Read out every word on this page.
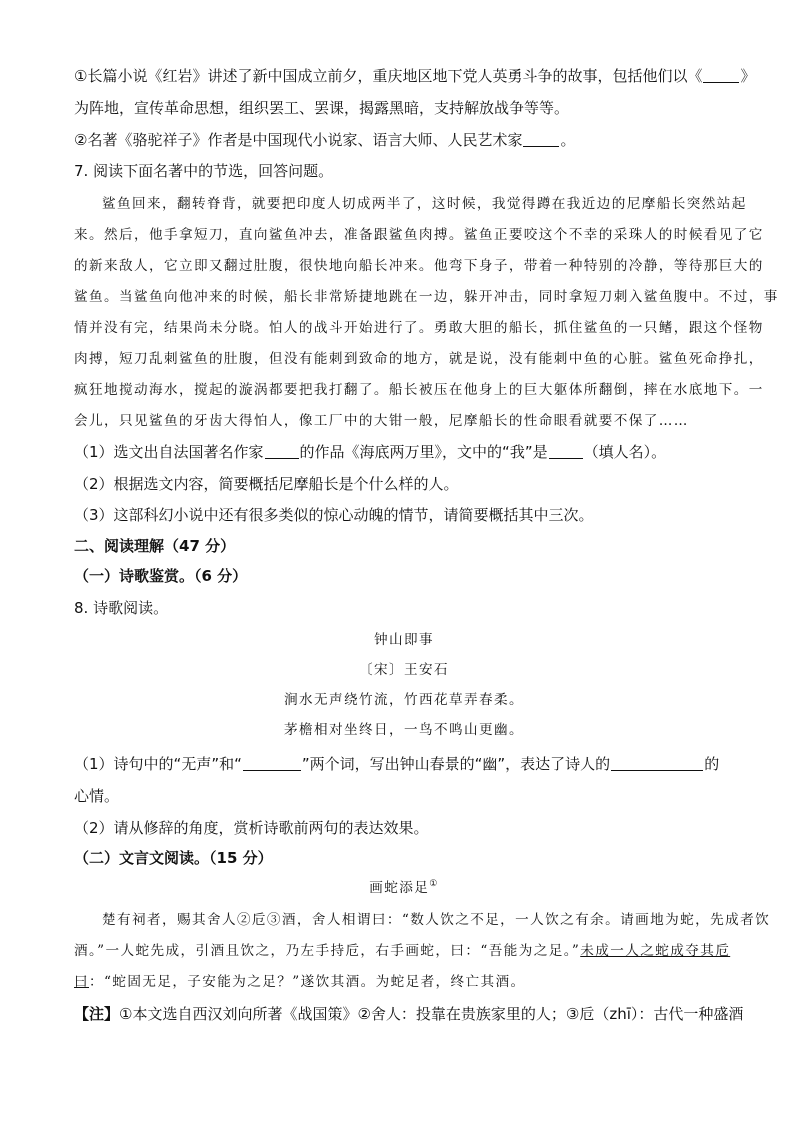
①长篇小说《红岩》讲述了新中国成立前夕，重庆地区地下党人英勇斗争的故事，包括他们以《	》
为阵地，宣传革命思想，组织罢工、罢课，揭露黑暗，支持解放战争等等。
②名著《骆驼祥子》作者是中国现代小说家、语言大师、人民艺术家	。
7. 阅读下面名著中的节选，回答问题。
鲨鱼回来，翻转脊背，就要把印度人切成两半了，这时候，我觉得蹲在我近边的尼摩船长突然站起
来。然后，他手拿短刀，直向鲨鱼冲去，准备跟鲨鱼肉搏。鲨鱼正要咬这个不幸的采珠人的时候看见了它
的新来敌人，它立即又翻过肚腹，很快地向船长冲来。他弯下身子，带着一种特别的冷静，等待那巨大的
鲨鱼。当鲨鱼向他冲来的时候，船长非常矫捷地跳在一边，躲开冲击，同时拿短刀刺入鲨鱼腹中。不过，事
情并没有完，结果尚未分晓。怕人的战斗开始进行了。勇敢大胆的船长，抓住鲨鱼的一只鳍，跟这个怪物
肉搏，短刀乱刺鲨鱼的肚腹，但没有能刺到致命的地方，就是说，没有能刺中鱼的心脏。鲨鱼死命挣扎，
疯狂地搅动海水，搅起的漩涡都要把我打翻了。船长被压在他身上的巨大躯体所翻倒，摔在水底地下。一
会儿，只见鲨鱼的牙齿大得怕人，像工厂中的大钳一般，尼摩船长的性命眼看就要不保了……
（1）选文出自法国著名作家 的作品《海底两万里》，文中的“我”是 （填人名）。
（2）根据选文内容，简要概括尼摩船长是个什么样的人。
（3）这部科幻小说中还有很多类似的惊心动魄的情节，请简要概括其中三次。
二、阅读理解（47 分）
（一）诗歌鉴赏。（6 分）
8. 诗歌阅读。
钟山即事
〔宋〕王安石
涧水无声绕竹流，竹西花草弄春柔。
茅檐相对坐终日，一鸟不鸣山更幽。
（1）诗句中的“无声”和“	”两个词，写出钟山春景的“幽”，表达了诗人的	的
心情。
（2）请从修辞的角度，赏析诗歌前两句的表达效果。
（二）文言文阅读。（15 分）
画蛇添足①
楚有祠者，赐其舍人②卮③酒，舍人相谓曰：“数人饮之不足，一人饮之有余。请画地为蛇，先成者饮
酒。”一人蛇先成，引酒且饮之，乃左手持卮，右手画蛇，曰：“吾能为之足。”未成一人之蛇成夺其卮
曰：“蛇固无足，子安能为之足？”遂饮其酒。为蛇足者，终亡其酒。
【注】①本文选自西汉刘向所著《战国策》②舍人：投靠在贵族家里的人；③卮（zhī）：古代一种盛酒
